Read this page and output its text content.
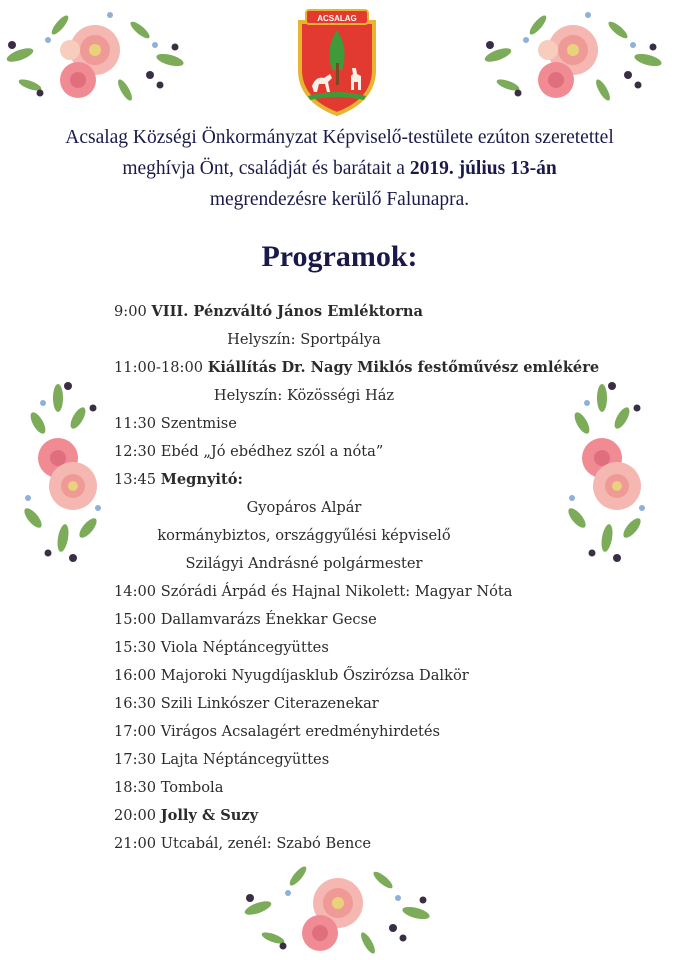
ACSALAG
Acsalag Községi Önkormányzat Képviselő-testülete ezúton szeretettel
meghívja Önt, családját és barátait a 2019. július 13-án
megrendezésre kerülő Falunapra.
Programok:
9:00 VIII. Pénzváltó János Emléktorna
Helyszín: Sportpálya
11:00-18:00 Kiállítás Dr. Nagy Miklós festőművész emlékére
Helyszín: Közösségi Ház
11:30 Szentmise
12:30 Ebéd „Jó ebédhez szól a nóta”
13:45 Megnyitó:
Gyopáros Alpár
kormánybiztos, országgyűlési képviselő
Szilágyi Andrásné polgármester
14:00 Szórádi Árpád és Hajnal Nikolett: Magyar Nóta
15:00 Dallamvarázs Énekkar Gecse
15:30 Viola Néptáncegyüttes
16:00 Majoroki Nyugdíjasklub Őszirózsa Dalkör
16:30 Szili Linkószer Citerazenekar
17:00 Virágos Acsalagért eredményhirdetés
17:30 Lajta Néptáncegyüttes
18:30 Tombola
20:00 Jolly & Suzy
21:00 Utcabál, zenél: Szabó Bence
